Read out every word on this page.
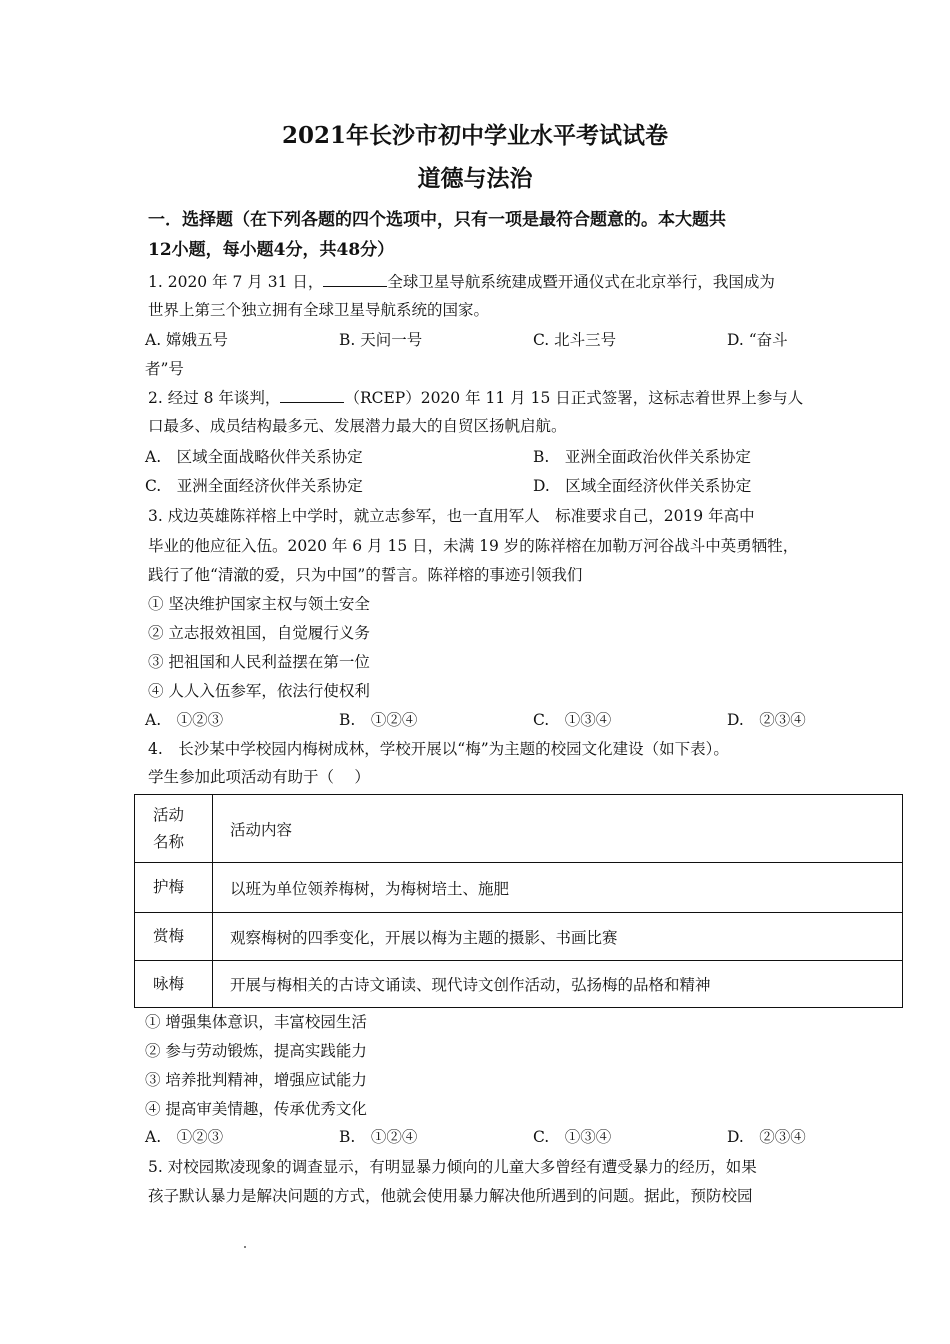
2021年长沙市初中学业水平考试试卷
道德与法治
一．选择题（在下列各题的四个选项中，只有一项是最符合题意的。本大题共
12小题，每小题4分，共48分）
1. 2020 年 7 月 31 日，	全球卫星导航系统建成暨开通仪式在北京举行，我国成为
世界上第三个独立拥有全球卫星导航系统的国家。
A. 嫦娥五号	B. 天问一号	C. 北斗三号	D. “奋斗
者”号
2. 经过 8 年谈判，	（RCEP）2020 年 11 月 15 日正式签署，这标志着世界上参与人
口最多、成员结构最多元、发展潜力最大的自贸区扬帆启航。
A.　区域全面战略伙伴关系协定	B.　亚洲全面政治伙伴关系协定
C.　亚洲全面经济伙伴关系协定	D.　区域全面经济伙伴关系协定
3. 戍边英雄陈祥榕上中学时，就立志参军，也一直用军人　标准要求自己，2019 年高中
毕业的他应征入伍。2020 年 6 月 15 日，未满 19 岁的陈祥榕在加勒万河谷战斗中英勇牺牲，
践行了他“清澈的爱，只为中国”的誓言。陈祥榕的事迹引领我们
① 坚决维护国家主权与领土安全
② 立志报效祖国，自觉履行义务
③ 把祖国和人民利益摆在第一位
④ 人人入伍参军，依法行使权利
A.　①②③	B.　①②④	C.　①③④	D.　②③④
4.　长沙某中学校园内梅树成林，学校开展以“梅”为主题的校园文化建设（如下表）。
学生参加此项活动有助于（　 ）
活动
名称	活动内容
护梅	以班为单位领养梅树，为梅树培土、施肥
赏梅	观察梅树的四季变化，开展以梅为主题的摄影、书画比赛
咏梅	开展与梅相关的古诗文诵读、现代诗文创作活动，弘扬梅的品格和精神
① 增强集体意识，丰富校园生活
② 参与劳动锻炼，提高实践能力
③ 培养批判精神，增强应试能力
④ 提高审美情趣，传承优秀文化
A.　①②③	B.　①②④	C.　①③④	D.　②③④
5. 对校园欺凌现象的调查显示，有明显暴力倾向的儿童大多曾经有遭受暴力的经历，如果
孩子默认暴力是解决问题的方式，他就会使用暴力解决他所遇到的问题。据此，预防校园
